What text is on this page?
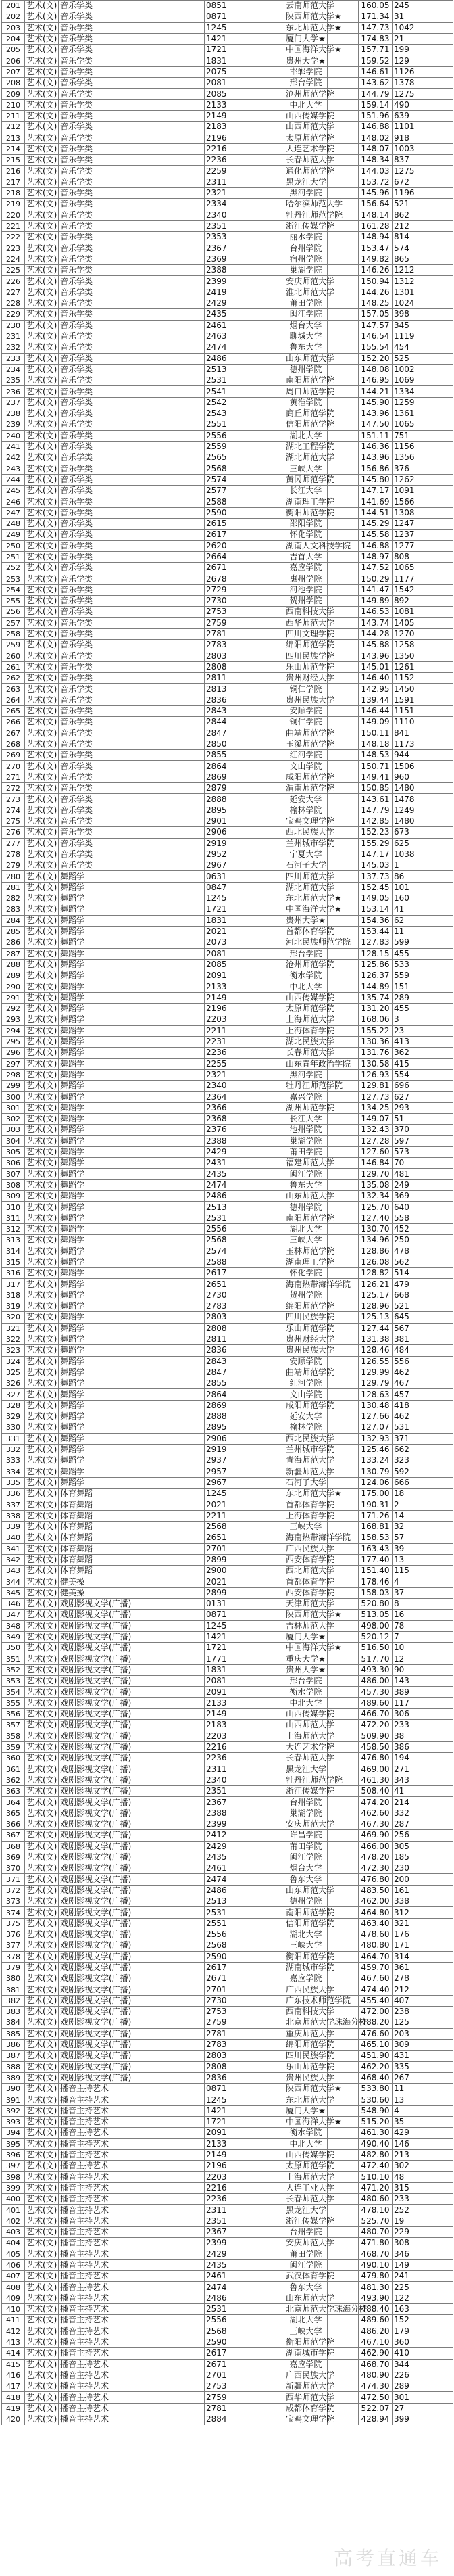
201	艺术(文)	音乐学类		0851	云南师范大学		160.05	245
202	艺术(文)	音乐学类		0871	陕西师范大学★		171.34	31
203	艺术(文)	音乐学类		1245	东北师范大学★		147.73	1042
204	艺术(文)	音乐学类		1421	厦门大学★		174.83	21
205	艺术(文)	音乐学类		1721	中国海洋大学★		157.71	199
206	艺术(文)	音乐学类		1831	贵州大学★		159.52	129
207	艺术(文)	音乐学类		2075	邯郸学院		146.61	1126
208	艺术(文)	音乐学类		2081	邢台学院		143.62	1378
209	艺术(文)	音乐学类		2085	沧州师范学院		144.79	1275
210	艺术(文)	音乐学类		2133	中北大学		159.14	490
211	艺术(文)	音乐学类		2149	山西传媒学院		151.96	639
212	艺术(文)	音乐学类		2183	山西师范大学		146.88	1101
213	艺术(文)	音乐学类		2196	太原师范学院		148.02	918
214	艺术(文)	音乐学类		2216	大连艺术学院		148.07	1003
215	艺术(文)	音乐学类		2236	长春师范大学		148.34	837
216	艺术(文)	音乐学类		2259	通化师范学院		144.03	1275
217	艺术(文)	音乐学类		2311	黑龙江大学		153.72	672
218	艺术(文)	音乐学类		2321	黑河学院		145.96	1196
219	艺术(文)	音乐学类		2334	哈尔滨师范大学		156.64	521
220	艺术(文)	音乐学类		2340	牡丹江师范学院		148.14	862
221	艺术(文)	音乐学类		2351	浙江传媒学院		161.28	212
222	艺术(文)	音乐学类		2353	丽水学院		148.94	814
223	艺术(文)	音乐学类		2367	台州学院		153.47	574
224	艺术(文)	音乐学类		2369	宿州学院		149.82	865
225	艺术(文)	音乐学类		2388	巢湖学院		146.26	1212
226	艺术(文)	音乐学类		2399	安庆师范大学		150.94	1312
227	艺术(文)	音乐学类		2419	淮北师范大学		144.26	1301
228	艺术(文)	音乐学类		2429	莆田学院		148.25	1024
229	艺术(文)	音乐学类		2435	闽江学院		157.05	398
230	艺术(文)	音乐学类		2461	烟台大学		147.57	345
231	艺术(文)	音乐学类		2463	聊城大学		146.54	1119
232	艺术(文)	音乐学类		2474	鲁东大学		155.54	454
233	艺术(文)	音乐学类		2486	山东师范大学		152.20	525
234	艺术(文)	音乐学类		2513	德州学院		148.08	1002
235	艺术(文)	音乐学类		2531	南阳师范学院		146.95	1069
236	艺术(文)	音乐学类		2541	周口师范学院		144.21	1334
237	艺术(文)	音乐学类		2542	黄淮学院		145.90	1259
238	艺术(文)	音乐学类		2543	商丘师范学院		143.96	1361
239	艺术(文)	音乐学类		2551	信阳师范学院		147.50	1065
240	艺术(文)	音乐学类		2556	湖北大学		151.11	751
241	艺术(文)	音乐学类		2559	湖北工程学院		146.36	1156
242	艺术(文)	音乐学类		2565	湖北师范大学		143.96	1356
243	艺术(文)	音乐学类		2568	三峡大学		156.86	376
244	艺术(文)	音乐学类		2574	黄冈师范学院		145.80	1262
245	艺术(文)	音乐学类		2577	长江大学		147.17	1091
246	艺术(文)	音乐学类		2588	湖南理工学院		141.69	1566
247	艺术(文)	音乐学类		2590	衡阳师范学院		144.51	1308
248	艺术(文)	音乐学类		2615	邵阳学院		145.29	1247
249	艺术(文)	音乐学类		2617	怀化学院		145.58	1237
250	艺术(文)	音乐学类		2620	湖南人文科技学院		146.88	1277
251	艺术(文)	音乐学类		2664	吉首大学		148.97	808
252	艺术(文)	音乐学类		2671	嘉应学院		147.52	1065
253	艺术(文)	音乐学类		2678	惠州学院		150.29	1177
254	艺术(文)	音乐学类		2729	河池学院		141.47	1542
255	艺术(文)	音乐学类		2730	贺州学院		149.89	892
256	艺术(文)	音乐学类		2753	西南科技大学		146.53	1081
257	艺术(文)	音乐学类		2759	西华师范大学		143.74	1405
258	艺术(文)	音乐学类		2781	四川文理学院		144.28	1270
259	艺术(文)	音乐学类		2783	绵阳师范学院		145.88	1258
260	艺术(文)	音乐学类		2803	四川民族学院		143.96	1350
261	艺术(文)	音乐学类		2808	乐山师范学院		145.01	1261
262	艺术(文)	音乐学类		2811	贵州财经大学		146.40	1152
263	艺术(文)	音乐学类		2813	铜仁学院		142.95	1450
264	艺术(文)	音乐学类		2836	贵州民族大学		139.44	1591
265	艺术(文)	音乐学类		2843	安顺学院		146.44	1151
266	艺术(文)	音乐学类		2844	铜仁学院		149.09	1110
267	艺术(文)	音乐学类		2847	曲靖师范学院		150.11	841
268	艺术(文)	音乐学类		2850	玉溪师范学院		148.18	1173
269	艺术(文)	音乐学类		2855	红河学院		148.53	944
270	艺术(文)	音乐学类		2864	文山学院		150.71	1506
271	艺术(文)	音乐学类		2869	咸阳师范学院		149.41	960
272	艺术(文)	音乐学类		2879	渭南师范学院		150.85	1480
273	艺术(文)	音乐学类		2888	延安大学		143.61	1478
274	艺术(文)	音乐学类		2895	榆林学院		147.79	1249
275	艺术(文)	音乐学类		2901	宝鸡文理学院		142.85	1480
276	艺术(文)	音乐学类		2906	西北民族大学		152.23	673
277	艺术(文)	音乐学类		2919	兰州城市学院		155.29	625
278	艺术(文)	音乐学类		2952	宁夏大学		147.17	1038
279	艺术(文)	音乐学类		2967	石河子大学		145.03	1
280	艺术(文)	舞蹈学		0631	四川师范大学		137.73	86
281	艺术(文)	舞蹈学		0847	湖北师范大学		152.45	101
282	艺术(文)	舞蹈学		1245	东北师范大学★		149.05	160
283	艺术(文)	舞蹈学		1721	中国海洋大学★		153.14	41
284	艺术(文)	舞蹈学		1831	贵州大学★		154.36	62
285	艺术(文)	舞蹈学		2021	首都体育学院		153.44	11
286	艺术(文)	舞蹈学		2073	河北民族师范学院		127.83	599
287	艺术(文)	舞蹈学		2081	邢台学院		128.15	455
288	艺术(文)	舞蹈学		2085	沧州师范学院		125.86	533
289	艺术(文)	舞蹈学		2091	衡水学院		126.37	559
290	艺术(文)	舞蹈学		2133	中北大学		144.89	151
291	艺术(文)	舞蹈学		2149	山西传媒学院		135.74	289
292	艺术(文)	舞蹈学		2196	太原师范学院		131.20	455
293	艺术(文)	舞蹈学		2203	上海师范大学		168.06	3
294	艺术(文)	舞蹈学		2211	上海体育学院		155.22	23
295	艺术(文)	舞蹈学		2231	湖北民族大学		130.36	413
296	艺术(文)	舞蹈学		2236	长春师范大学		131.76	362
297	艺术(文)	舞蹈学		2255	山东青年政治学院		130.58	415
298	艺术(文)	舞蹈学		2321	黑河学院		126.93	554
299	艺术(文)	舞蹈学		2340	牡丹江师范学院		129.81	696
300	艺术(文)	舞蹈学		2364	嘉兴学院		127.73	627
301	艺术(文)	舞蹈学		2366	湖州师范学院		134.25	293
302	艺术(文)	舞蹈学		2368	长江大学		149.07	51
303	艺术(文)	舞蹈学		2376	池州学院		132.43	370
304	艺术(文)	舞蹈学		2388	巢湖学院		127.28	597
305	艺术(文)	舞蹈学		2429	莆田学院		127.60	573
306	艺术(文)	舞蹈学		2431	福建师范大学		146.84	70
307	艺术(文)	舞蹈学		2435	闽江学院		129.70	481
308	艺术(文)	舞蹈学		2474	鲁东大学		135.08	249
309	艺术(文)	舞蹈学		2486	山东师范大学		132.34	369
310	艺术(文)	舞蹈学		2513	德州学院		125.70	640
311	艺术(文)	舞蹈学		2531	南阳师范学院		127.40	558
312	艺术(文)	舞蹈学		2556	湖北大学		130.70	452
313	艺术(文)	舞蹈学		2568	三峡大学		134.96	250
314	艺术(文)	舞蹈学		2574	玉林师范学院		128.86	478
315	艺术(文)	舞蹈学		2588	湖南理工学院		126.08	562
316	艺术(文)	舞蹈学		2617	怀化学院		128.82	514
317	艺术(文)	舞蹈学		2651	海南热带海洋学院		126.21	479
318	艺术(文)	舞蹈学		2730	贺州学院		125.17	668
319	艺术(文)	舞蹈学		2783	绵阳师范学院		128.96	521
320	艺术(文)	舞蹈学		2803	四川民族学院		125.13	645
321	艺术(文)	舞蹈学		2808	乐山师范学院		127.44	567
322	艺术(文)	舞蹈学		2811	贵州财经大学		131.38	381
323	艺术(文)	舞蹈学		2836	贵州民族大学		128.46	484
324	艺术(文)	舞蹈学		2843	安顺学院		126.55	556
325	艺术(文)	舞蹈学		2847	曲靖师范学院		129.99	462
326	艺术(文)	舞蹈学		2855	红河学院		129.79	467
327	艺术(文)	舞蹈学		2864	文山学院		128.63	457
328	艺术(文)	舞蹈学		2869	咸阳师范学院		130.48	418
329	艺术(文)	舞蹈学		2888	延安大学		127.66	462
330	艺术(文)	舞蹈学		2895	榆林学院		127.07	531
331	艺术(文)	舞蹈学		2906	西北民族大学		132.93	371
332	艺术(文)	舞蹈学		2919	兰州城市学院		125.46	662
333	艺术(文)	舞蹈学		2937	青海师范大学		133.24	323
334	艺术(文)	舞蹈学		2957	新疆师范大学		130.79	592
335	艺术(文)	舞蹈学		2967	石河子大学		124.06	666
336	艺术(文)	体育舞蹈		1245	东北师范大学★		175.00	18
337	艺术(文)	体育舞蹈		2021	首都体育学院		190.31	2
338	艺术(文)	体育舞蹈		2211	上海体育学院		171.26	14
339	艺术(文)	体育舞蹈		2568	三峡大学		168.81	32
340	艺术(文)	体育舞蹈		2651	海南热带海洋学院		158.53	57
341	艺术(文)	体育舞蹈		2701	广西民族大学		163.43	39
342	艺术(文)	体育舞蹈		2899	西安体育学院		177.40	13
343	艺术(文)	体育舞蹈		2900	西北师范大学		151.40	115
344	艺术(文)	健美操		2021	首都体育学院		178.46	4
345	艺术(文)	健美操		2899	西安体育学院		158.03	37
346	艺术(文)	戏剧影视文学(广播)		0131	天津师范大学		520.80	8
347	艺术(文)	戏剧影视文学(广播)		0871	陕西师范大学★		513.05	16
348	艺术(文)	戏剧影视文学(广播)		1245	吉林师范大学		498.00	78
349	艺术(文)	戏剧影视文学(广播)		1421	厦门大学★		520.12	7
350	艺术(文)	戏剧影视文学(广播)		1721	中国海洋大学★		516.50	10
351	艺术(文)	戏剧影视文学(广播)		1771	重庆大学★		517.70	12
352	艺术(文)	戏剧影视文学(广播)		1831	贵州大学★		493.30	90
353	艺术(文)	戏剧影视文学(广播)		2081	邢台学院		486.00	143
354	艺术(文)	戏剧影视文学(广播)		2091	衡水学院		457.30	389
355	艺术(文)	戏剧影视文学(广播)		2133	中北大学		489.60	117
356	艺术(文)	戏剧影视文学(广播)		2149	山西传媒学院		466.70	306
357	艺术(文)	戏剧影视文学(广播)		2183	山西师范大学		472.20	233
358	艺术(文)	戏剧影视文学(广播)		2203	上海师范大学		509.90	38
359	艺术(文)	戏剧影视文学(广播)		2216	大连艺术学院		458.50	386
360	艺术(文)	戏剧影视文学(广播)		2236	长春师范大学		476.80	194
361	艺术(文)	戏剧影视文学(广播)		2311	黑龙江大学		469.00	271
362	艺术(文)	戏剧影视文学(广播)		2340	牡丹江师范学院		461.30	343
363	艺术(文)	戏剧影视文学(广播)		2351	浙江传媒学院		508.40	41
364	艺术(文)	戏剧影视文学(广播)		2367	台州学院		474.20	214
365	艺术(文)	戏剧影视文学(广播)		2388	巢湖学院		462.60	332
366	艺术(文)	戏剧影视文学(广播)		2399	安庆师范大学		467.30	287
367	艺术(文)	戏剧影视文学(广播)		2412	许昌学院		469.90	256
368	艺术(文)	戏剧影视文学(广播)		2429	莆田学院		466.00	305
369	艺术(文)	戏剧影视文学(广播)		2435	闽江学院		478.20	185
370	艺术(文)	戏剧影视文学(广播)		2461	烟台大学		472.30	230
371	艺术(文)	戏剧影视文学(广播)		2474	鲁东大学		476.80	200
372	艺术(文)	戏剧影视文学(广播)		2486	山东师范大学		483.50	161
373	艺术(文)	戏剧影视文学(广播)		2513	德州学院		462.00	338
374	艺术(文)	戏剧影视文学(广播)		2531	南阳师范学院		464.80	312
375	艺术(文)	戏剧影视文学(广播)		2551	信阳师范学院		463.40	321
376	艺术(文)	戏剧影视文学(广播)		2556	湖北大学		478.60	176
377	艺术(文)	戏剧影视文学(广播)		2568	三峡大学		480.80	171
378	艺术(文)	戏剧影视文学(广播)		2590	衡阳师范学院		464.70	314
379	艺术(文)	戏剧影视文学(广播)		2617	湖南城市学院		459.70	361
380	艺术(文)	戏剧影视文学(广播)		2671	嘉应学院		467.60	278
381	艺术(文)	戏剧影视文学(广播)		2701	广西民族大学		474.40	212
382	艺术(文)	戏剧影视文学(广播)		2730	广东技术师范学院		455.40	407
383	艺术(文)	戏剧影视文学(广播)		2753	西南科技大学		472.00	238
384	艺术(文)	戏剧影视文学(广播)		2759	北京师范大学珠海分校		488.20	125
385	艺术(文)	戏剧影视文学(广播)		2781	重庆师范大学		476.60	203
386	艺术(文)	戏剧影视文学(广播)		2783	绵阳师范学院		465.10	309
387	艺术(文)	戏剧影视文学(广播)		2803	四川民族学院		451.90	431
388	艺术(文)	戏剧影视文学(广播)		2808	乐山师范学院		462.20	335
389	艺术(文)	戏剧影视文学(广播)		2836	贵州民族大学		468.40	267
390	艺术(文)	播音主持艺术		0871	陕西师范大学★		533.80	11
391	艺术(文)	播音主持艺术		1245	东北师范大学		530.60	13
392	艺术(文)	播音主持艺术		1421	厦门大学★		548.90	4
393	艺术(文)	播音主持艺术		1721	中国海洋大学★		515.20	35
394	艺术(文)	播音主持艺术		2091	衡水学院		461.30	429
395	艺术(文)	播音主持艺术		2133	中北大学		490.40	146
396	艺术(文)	播音主持艺术		2149	山西传媒学院		482.80	213
397	艺术(文)	播音主持艺术		2196	太原师范学院		472.40	302
398	艺术(文)	播音主持艺术		2203	上海师范大学		510.10	48
399	艺术(文)	播音主持艺术		2216	大连工业大学		471.20	315
400	艺术(文)	播音主持艺术		2236	长春师范大学		480.60	233
401	艺术(文)	播音主持艺术		2311	黑龙江大学		478.10	252
402	艺术(文)	播音主持艺术		2351	浙江传媒学院		525.70	19
403	艺术(文)	播音主持艺术		2367	台州学院		480.70	229
404	艺术(文)	播音主持艺术		2399	安庆师范大学		471.80	308
405	艺术(文)	播音主持艺术		2429	莆田学院		468.70	346
406	艺术(文)	播音主持艺术		2435	闽江学院		490.10	149
407	艺术(文)	播音主持艺术		2461	武汉体育学院		479.80	241
408	艺术(文)	播音主持艺术		2474	鲁东大学		481.30	225
409	艺术(文)	播音主持艺术		2486	山东师范大学		493.90	122
410	艺术(文)	播音主持艺术		2531	北京师范大学珠海分校		488.40	163
411	艺术(文)	播音主持艺术		2556	湖北大学		489.60	152
412	艺术(文)	播音主持艺术		2568	三峡大学		486.20	179
413	艺术(文)	播音主持艺术		2590	衡阳师范学院		467.10	360
414	艺术(文)	播音主持艺术		2617	湖南城市学院		462.90	410
415	艺术(文)	播音主持艺术		2671	嘉应学院		468.70	344
416	艺术(文)	播音主持艺术		2701	广西民族大学		480.90	226
417	艺术(文)	播音主持艺术		2753	新疆师范大学		474.30	289
418	艺术(文)	播音主持艺术		2759	西华师范大学		472.50	301
419	艺术(文)	播音主持艺术		2781	成都体育学院		522.07	27
420	艺术(文)	播音主持艺术		2884	宝鸡文理学院		428.94	399
高考直通车
